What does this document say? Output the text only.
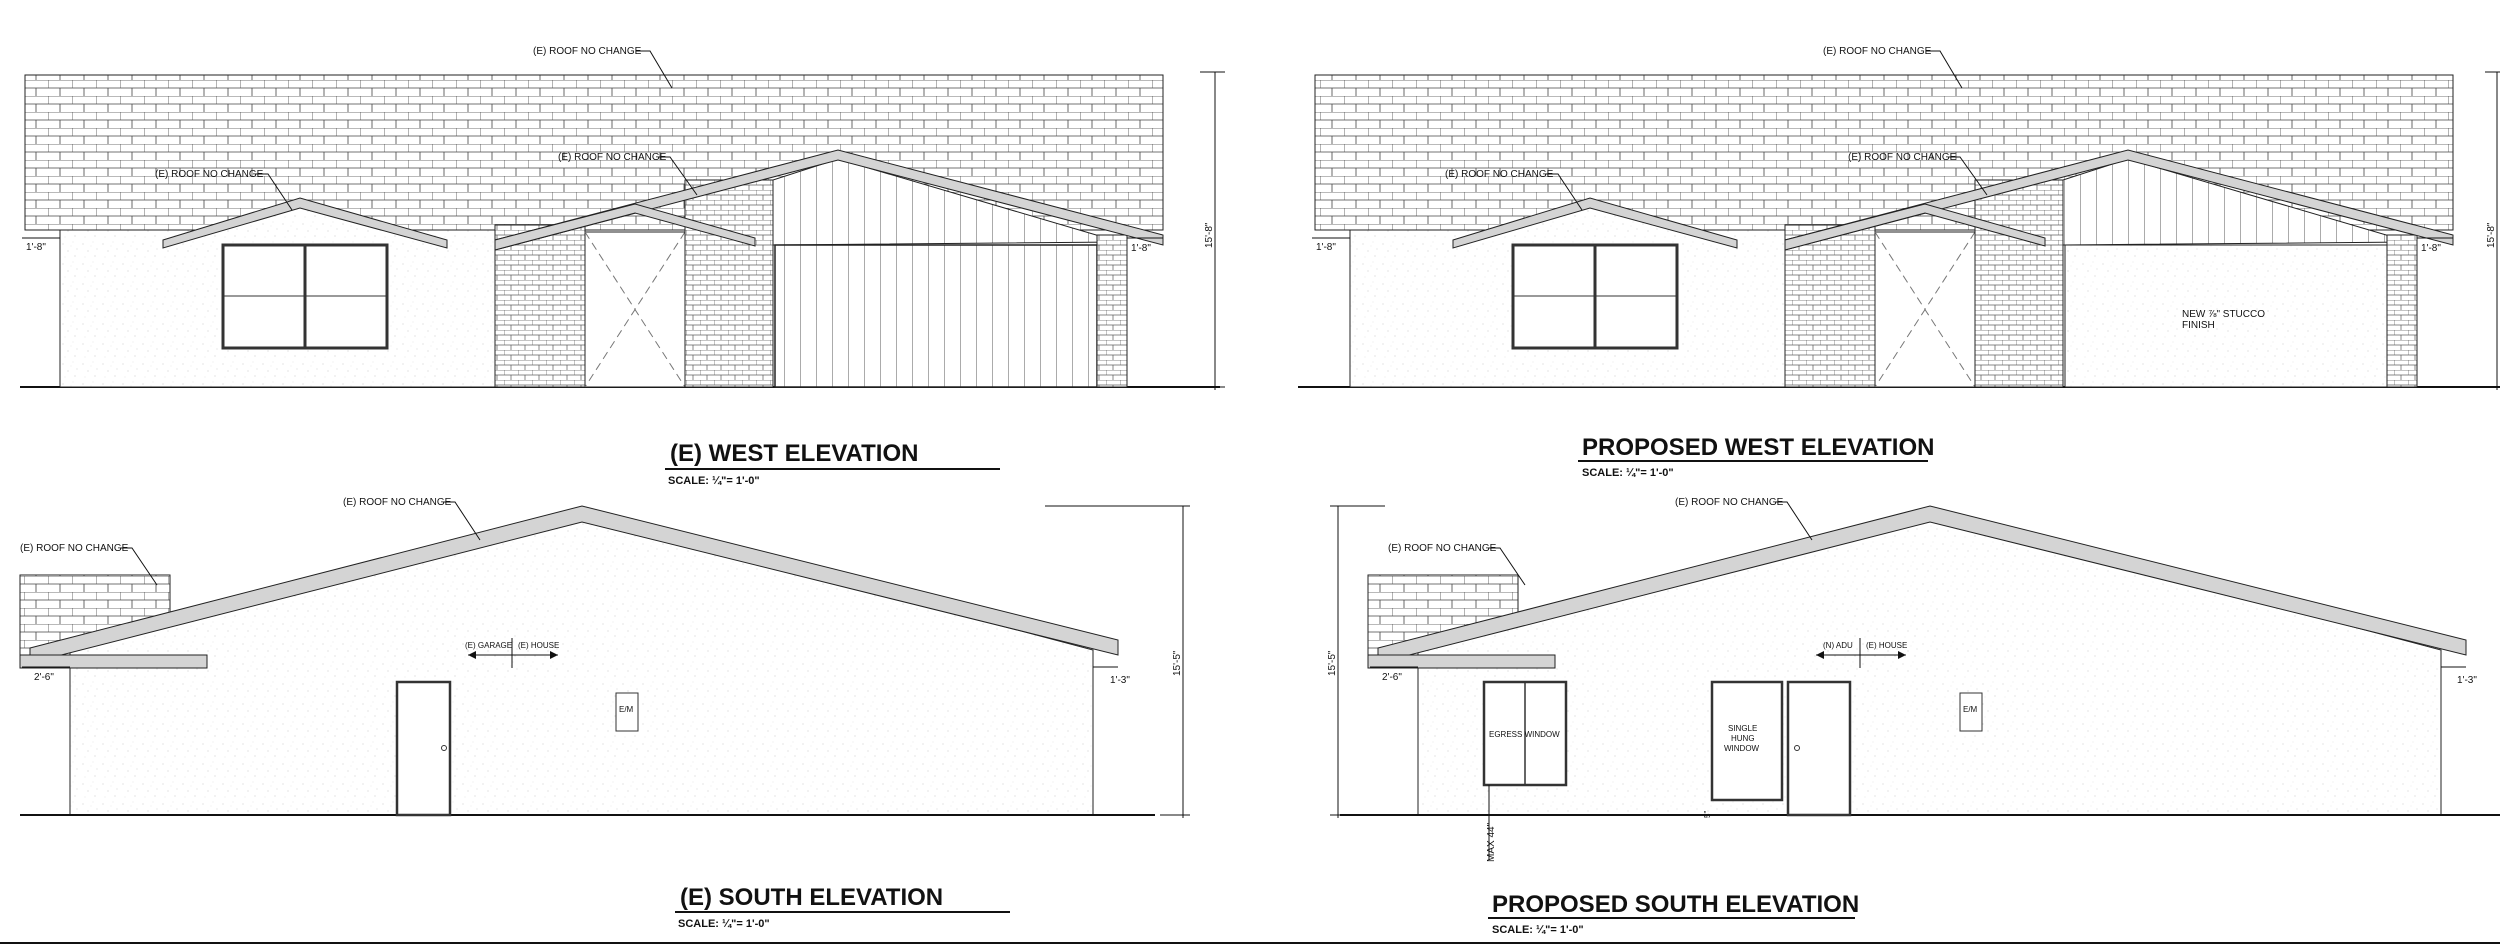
1'-8"	1'-8"
15'-8"
(E) ROOF NO CHANGE
(E) ROOF NO CHANGE
(E) ROOF NO CHANGE
(E) WEST ELEVATION
SCALE: ¼"= 1'-0"
NEW ⅞" STUCCO
FINISH
1'-8"	1'-8"
15'-8"
(E) ROOF NO CHANGE
(E) ROOF NO CHANGE
(E) ROOF NO CHANGE
PROPOSED WEST ELEVATION
SCALE: ¼"= 1'-0"
E/M
(E) GARAGE (E) HOUSE
2'-6"	1'-3"
15'-5"
(E) ROOF NO CHANGE
(E) ROOF NO CHANGE
(E) SOUTH ELEVATION
SCALE: ¼"= 1'-0"
EGRESS WINDOW
MAX 44"
SINGLE
HUNG
WINDOW
5"
E/M
(N) ADU (E) HOUSE
2'-6"	1'-3"
15'-5"
(E) ROOF NO CHANGE
(E) ROOF NO CHANGE
PROPOSED SOUTH ELEVATION
SCALE: ¼"= 1'-0"
